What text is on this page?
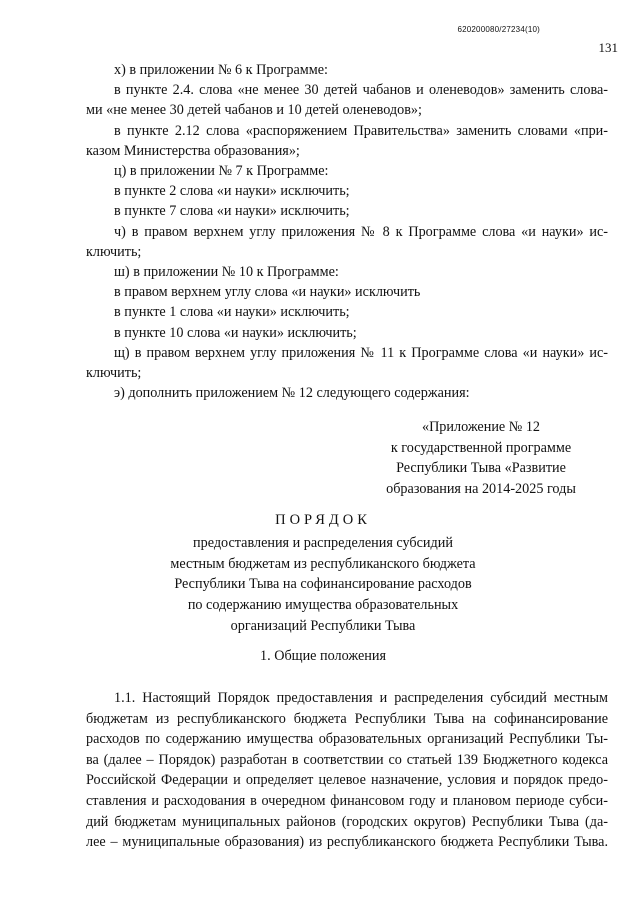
620200080/27234(10)
131
х) в приложении № 6 к Программе:
в пункте 2.4. слова «не менее 30 детей чабанов и оленеводов» заменить слова-
ми «не менее 30 детей чабанов и 10 детей оленеводов»;
в пункте 2.12 слова «распоряжением Правительства» заменить словами «при-
казом Министерства образования»;
ц) в приложении № 7 к Программе:
в пункте 2 слова «и науки» исключить;
в пункте 7 слова «и науки» исключить;
ч) в правом верхнем углу приложения № 8 к Программе слова «и науки» ис-
ключить;
ш) в приложении № 10 к Программе:
в правом верхнем углу слова «и науки» исключить
в пункте 1 слова «и науки» исключить;
в пункте 10 слова «и науки» исключить;
щ) в правом верхнем углу приложения № 11 к Программе слова «и науки» ис-
ключить;
э) дополнить приложением № 12 следующего содержания:
«Приложение № 12
к государственной программе
Республики Тыва «Развитие
образования на 2014-2025 годы
ПОРЯДОК
предоставления и распределения субсидий
местным бюджетам из республиканского бюджета
Республики Тыва на софинансирование расходов
по содержанию имущества образовательных
организаций Республики Тыва
1. Общие положения
1.1. Настоящий Порядок предоставления и распределения субсидий местным
бюджетам из республиканского бюджета Республики Тыва на софинансирование
расходов по содержанию имущества образовательных организаций Республики Ты-
ва (далее – Порядок) разработан в соответствии со статьей 139 Бюджетного кодекса
Российской Федерации и определяет целевое назначение, условия и порядок предо-
ставления и расходования в очередном финансовом году и плановом периоде субси-
дий бюджетам муниципальных районов (городских округов) Республики Тыва (да-
лее – муниципальные образования) из республиканского бюджета Республики Тыва.
